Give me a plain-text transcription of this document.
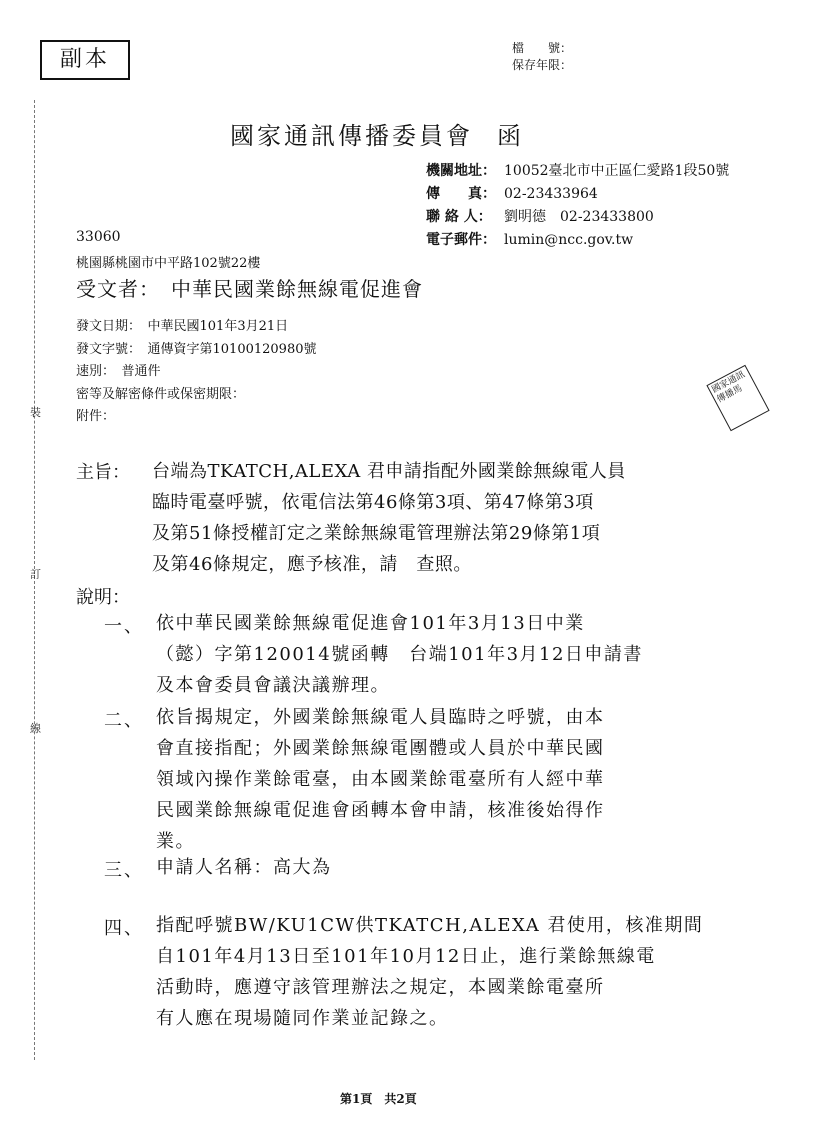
裝
訂
線
副本	檔　　號：
保存年限：
國家通訊傳播委員會 函
機關地址： 10052臺北市中正區仁愛路1段50號
傳　　真： 02-23433964
聯 絡 人： 劉明德　02-23433800
電子郵件： lumin@ncc.gov.tw
33060
桃園縣桃園市中平路102號22樓
受文者：　中華民國業餘無線電促進會
發文日期：　中華民國101年3月21日
發文字號：　通傳資字第10100120980號
速別：　普通件
密等及解密條件或保密期限：
附件：
國家通訊傳播馬
主旨： 台端為TKATCH,ALEXA 君申請指配外國業餘無線電人員
臨時電臺呼號，依電信法第46條第3項、第47條第3項
及第51條授權訂定之業餘無線電管理辦法第29條第1項
及第46條規定，應予核准，請　查照。
說明：
一、 依中華民國業餘無線電促進會101年3月13日中業
（懿）字第120014號函轉　台端101年3月12日申請書
及本會委員會議決議辦理。
二、 依旨揭規定，外國業餘無線電人員臨時之呼號，由本
會直接指配；外國業餘無線電團體或人員於中華民國
領域內操作業餘電臺，由本國業餘電臺所有人經中華
民國業餘無線電促進會函轉本會申請，核准後始得作
業。
三、 申請人名稱：高大為
四、 指配呼號BW/KU1CW供TKATCH,ALEXA 君使用，核准期間
自101年4月13日至101年10月12日止，進行業餘無線電
活動時，應遵守該管理辦法之規定，本國業餘電臺所
有人應在現場隨同作業並記錄之。
第1頁　共2頁
